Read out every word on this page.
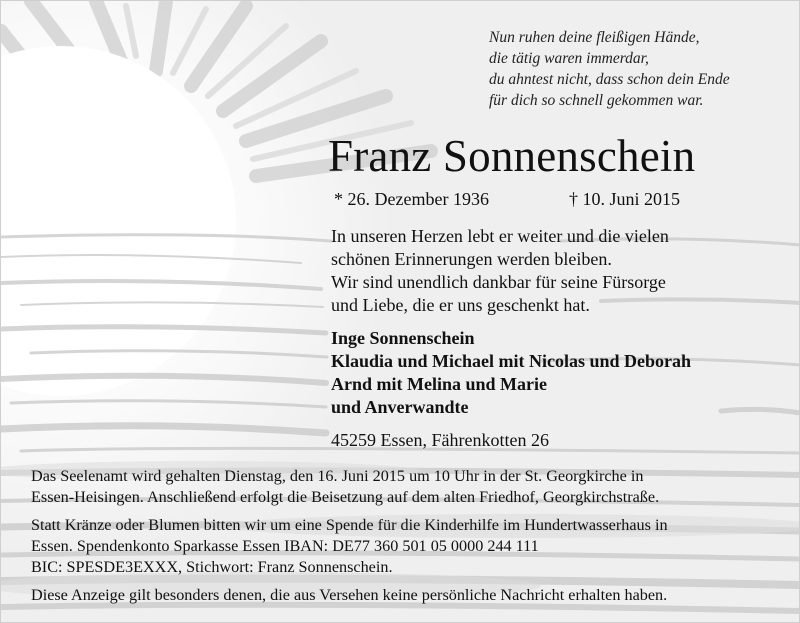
Nun ruhen deine fleißigen Hände,
die tätig waren immerdar,
du ahntest nicht, dass schon dein Ende
für dich so schnell gekommen war.
Franz Sonnenschein
* 26. Dezember 1936	† 10. Juni 2015
In unseren Herzen lebt er weiter und die vielen
schönen Erinnerungen werden bleiben.
Wir sind unendlich dankbar für seine Fürsorge
und Liebe, die er uns geschenkt hat.
Inge Sonnenschein
Klaudia und Michael mit Nicolas und Deborah
Arnd mit Melina und Marie
und Anverwandte
45259 Essen, Fährenkotten 26
Das Seelenamt wird gehalten Dienstag, den 16. Juni 2015 um 10 Uhr in der St. Georgkirche in
Essen-Heisingen. Anschließend erfolgt die Beisetzung auf dem alten Friedhof, Georgkirchstraße.
Statt Kränze oder Blumen bitten wir um eine Spende für die Kinderhilfe im Hundertwasserhaus in
Essen. Spendenkonto Sparkasse Essen IBAN: DE77 360 501 05 0000 244 111
BIC: SPESDE3EXXX, Stichwort: Franz Sonnenschein.
Diese Anzeige gilt besonders denen, die aus Versehen keine persönliche Nachricht erhalten haben.
